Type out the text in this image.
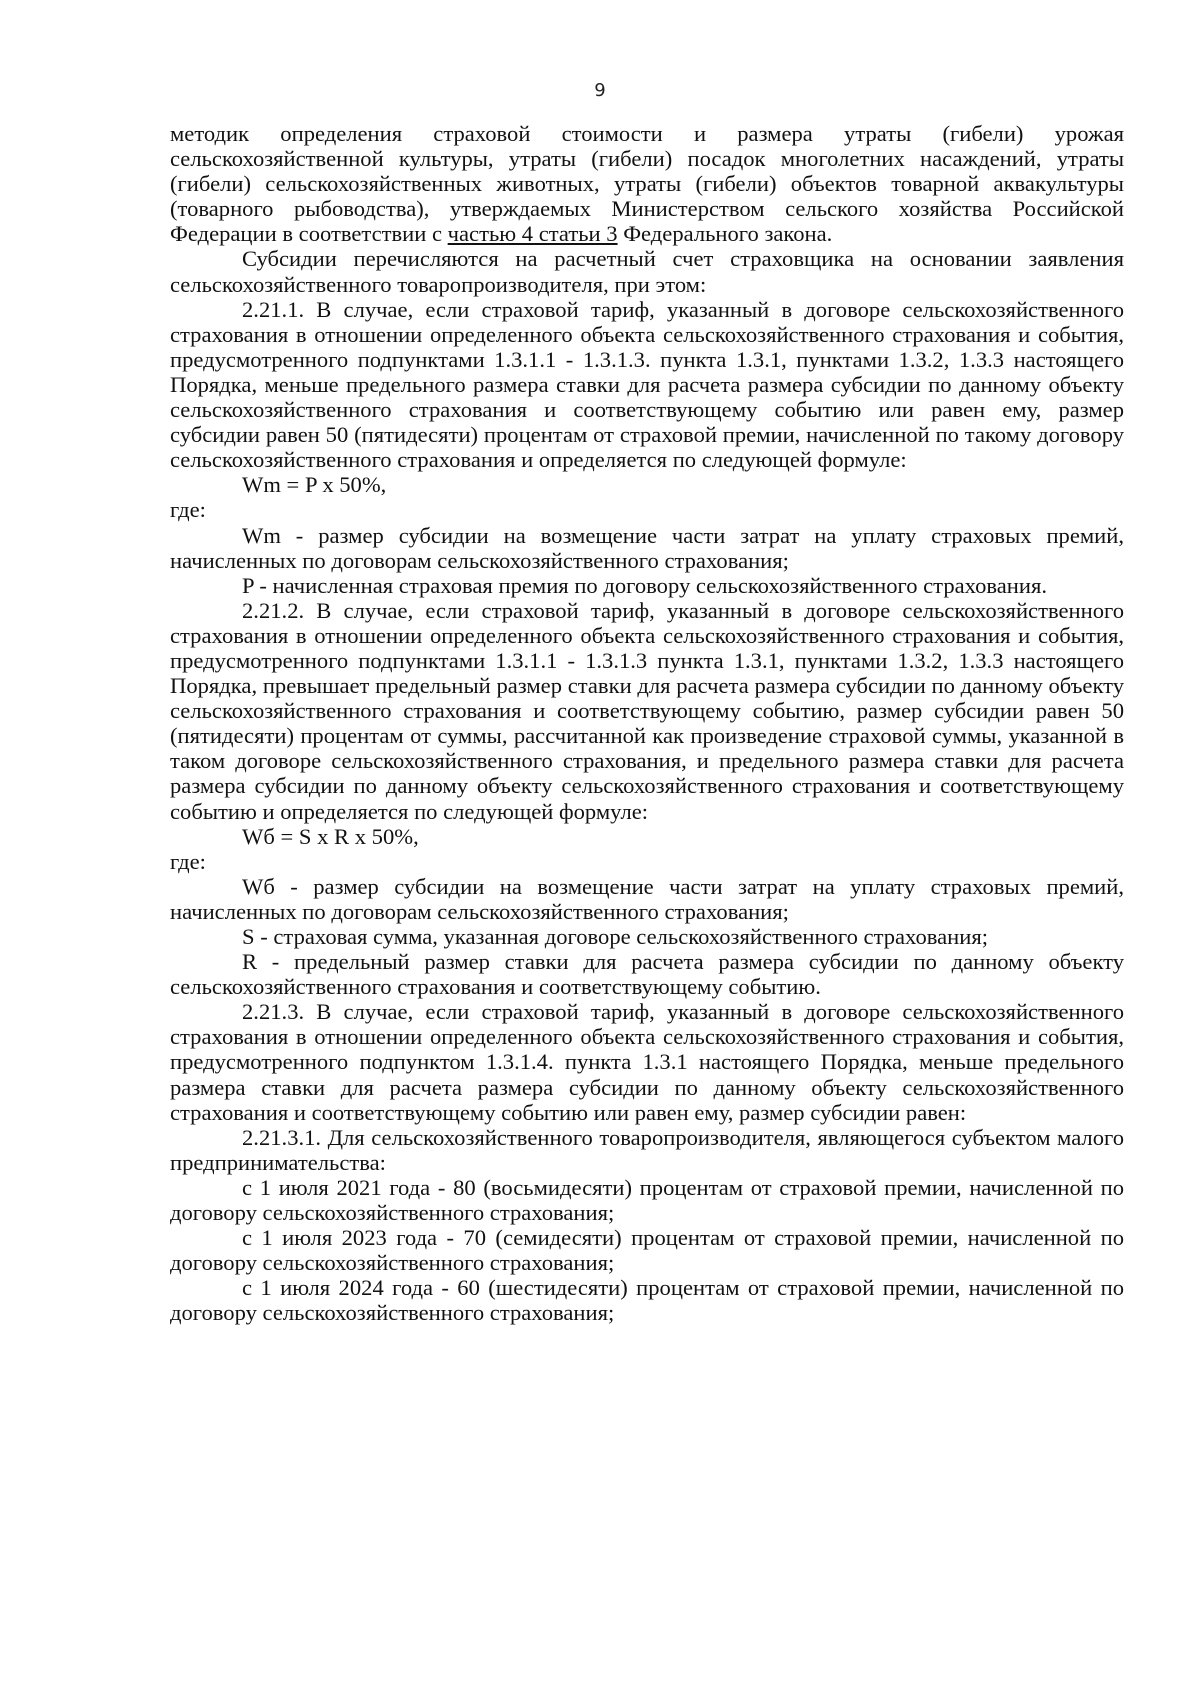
9

методик определения страховой стоимости и размера утраты (гибели) урожая сельскохозяйственной культуры, утраты (гибели) посадок многолетних насаждений, утраты (гибели) сельскохозяйственных животных, утраты (гибели) объектов товарной аквакультуры (товарного рыбоводства), утверждаемых Министерством сельского хозяйства Российской Федерации в соответствии с частью 4 статьи 3 Федерального закона.

Субсидии перечисляются на расчетный счет страховщика на основании заявления сельскохозяйственного товаропроизводителя, при этом:

2.21.1. В случае, если страховой тариф, указанный в договоре сельскохозяйственного страхования в отношении определенного объекта сельскохозяйственного страхования и события, предусмотренного подпунктами 1.3.1.1 - 1.3.1.3. пункта 1.3.1, пунктами 1.3.2, 1.3.3 настоящего Порядка, меньше предельного размера ставки для расчета размера субсидии по данному объекту сельскохозяйственного страхования и соответствующему событию или равен ему, размер субсидии равен 50 (пятидесяти) процентам от страховой премии, начисленной по такому договору сельскохозяйственного страхования и определяется по следующей формуле:

Wm = P x 50%,

где:

Wm - размер субсидии на возмещение части затрат на уплату страховых премий, начисленных по договорам сельскохозяйственного страхования;

P - начисленная страховая премия по договору сельскохозяйственного страхования.

2.21.2. В случае, если страховой тариф, указанный в договоре сельскохозяйственного страхования в отношении определенного объекта сельскохозяйственного страхования и события, предусмотренного подпунктами 1.3.1.1 - 1.3.1.3 пункта 1.3.1, пунктами 1.3.2, 1.3.3 настоящего Порядка, превышает предельный размер ставки для расчета размера субсидии по данному объекту сельскохозяйственного страхования и соответствующему событию, размер субсидии равен 50 (пятидесяти) процентам от суммы, рассчитанной как произведение страховой суммы, указанной в таком договоре сельскохозяйственного страхования, и предельного размера ставки для расчета размера субсидии по данному объекту сельскохозяйственного страхования и соответствующему событию и определяется по следующей формуле:

Wб = S x R x 50%,

где:

Wб - размер субсидии на возмещение части затрат на уплату страховых премий, начисленных по договорам сельскохозяйственного страхования;

S - страховая сумма, указанная договоре сельскохозяйственного страхования;

R - предельный размер ставки для расчета размера субсидии по данному объекту сельскохозяйственного страхования и соответствующему событию.

2.21.3. В случае, если страховой тариф, указанный в договоре сельскохозяйственного страхования в отношении определенного объекта сельскохозяйственного страхования и события, предусмотренного подпунктом 1.3.1.4. пункта 1.3.1 настоящего Порядка, меньше предельного размера ставки для расчета размера субсидии по данному объекту сельскохозяйственного страхования и соответствующему событию или равен ему, размер субсидии равен:

2.21.3.1. Для сельскохозяйственного товаропроизводителя, являющегося субъектом малого предпринимательства:

с 1 июля 2021 года - 80 (восьмидесяти) процентам от страховой премии, начисленной по договору сельскохозяйственного страхования;

с 1 июля 2023 года - 70 (семидесяти) процентам от страховой премии, начисленной по договору сельскохозяйственного страхования;

с 1 июля 2024 года - 60 (шестидесяти) процентам от страховой премии, начисленной по договору сельскохозяйственного страхования;
